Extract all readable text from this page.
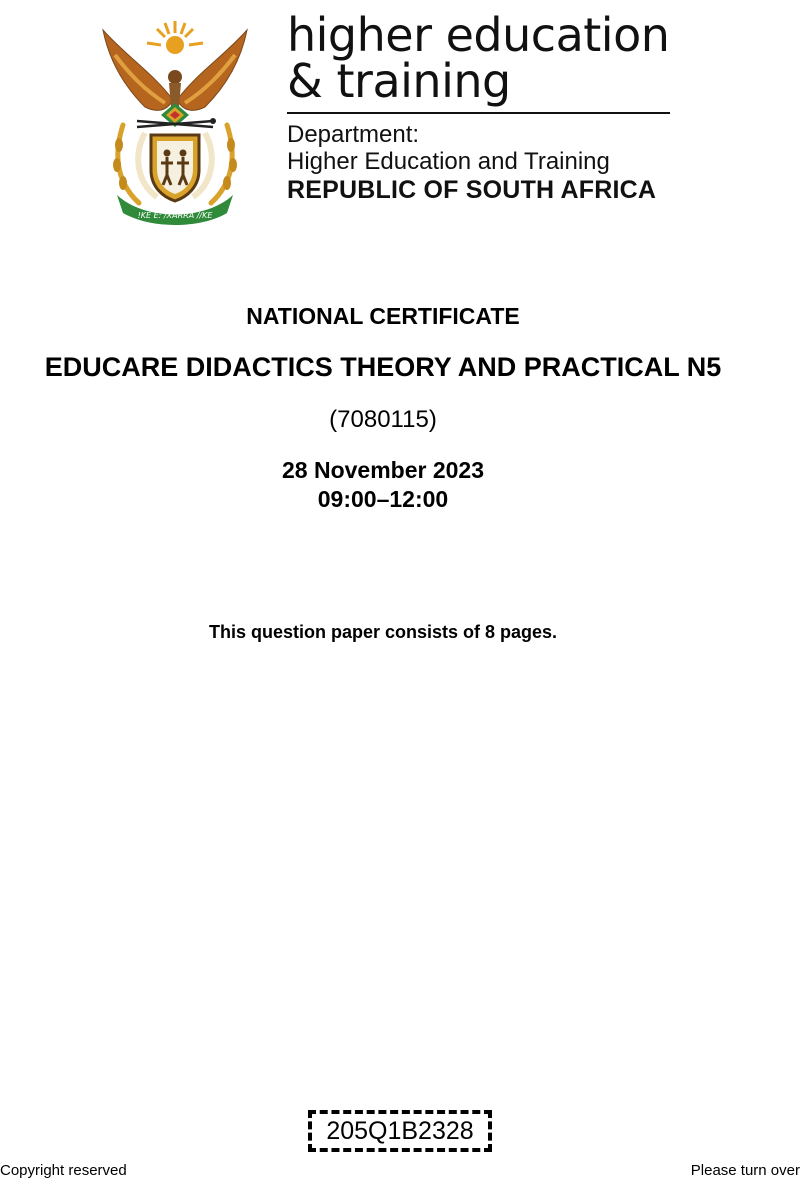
!KE E: /XARRA //KE
higher education
& training
Department:
Higher Education and Training
REPUBLIC OF SOUTH AFRICA
NATIONAL CERTIFICATE
EDUCARE DIDACTICS THEORY AND PRACTICAL N5
(7080115)
28 November 2023
09:00–12:00
This question paper consists of 8 pages.
205Q1B2328
Copyright reserved	Please turn over
